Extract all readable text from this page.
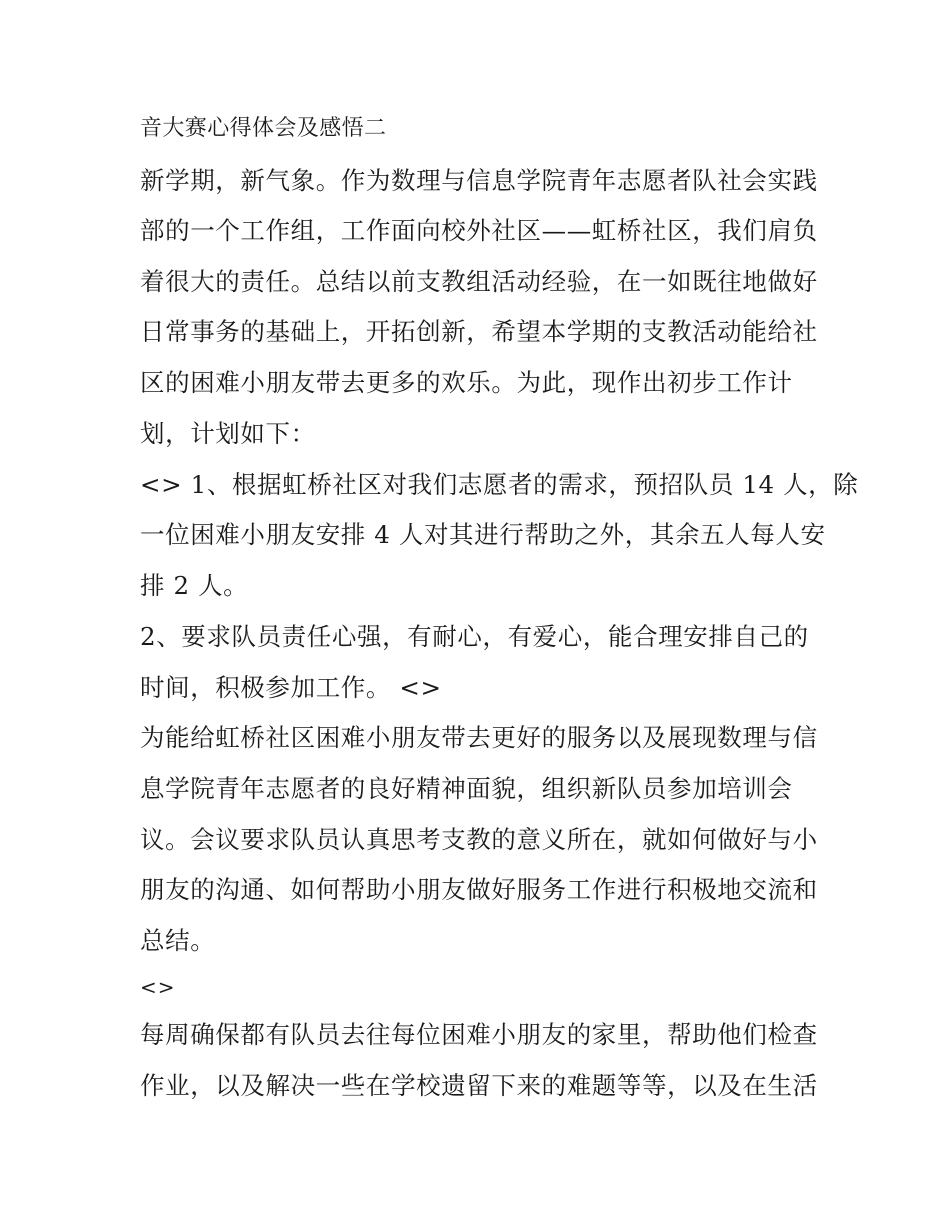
音大赛心得体会及感悟二
新学期，新气象。作为数理与信息学院青年志愿者队社会实践
部的一个工作组，工作面向校外社区——虹桥社区，我们肩负
着很大的责任。总结以前支教组活动经验，在一如既往地做好
日常事务的基础上，开拓创新，希望本学期的支教活动能给社
区的困难小朋友带去更多的欢乐。为此，现作出初步工作计
划，计划如下：
<> 1、根据虹桥社区对我们志愿者的需求，预招队员 14 人，除
一位困难小朋友安排 4 人对其进行帮助之外，其余五人每人安
排 2 人。
2、要求队员责任心强，有耐心，有爱心，能合理安排自己的
时间，积极参加工作。 <>
为能给虹桥社区困难小朋友带去更好的服务以及展现数理与信
息学院青年志愿者的良好精神面貌，组织新队员参加培训会
议。会议要求队员认真思考支教的意义所在，就如何做好与小
朋友的沟通、如何帮助小朋友做好服务工作进行积极地交流和
总结。
<>
每周确保都有队员去往每位困难小朋友的家里，帮助他们检查
作业，以及解决一些在学校遗留下来的难题等等，以及在生活
